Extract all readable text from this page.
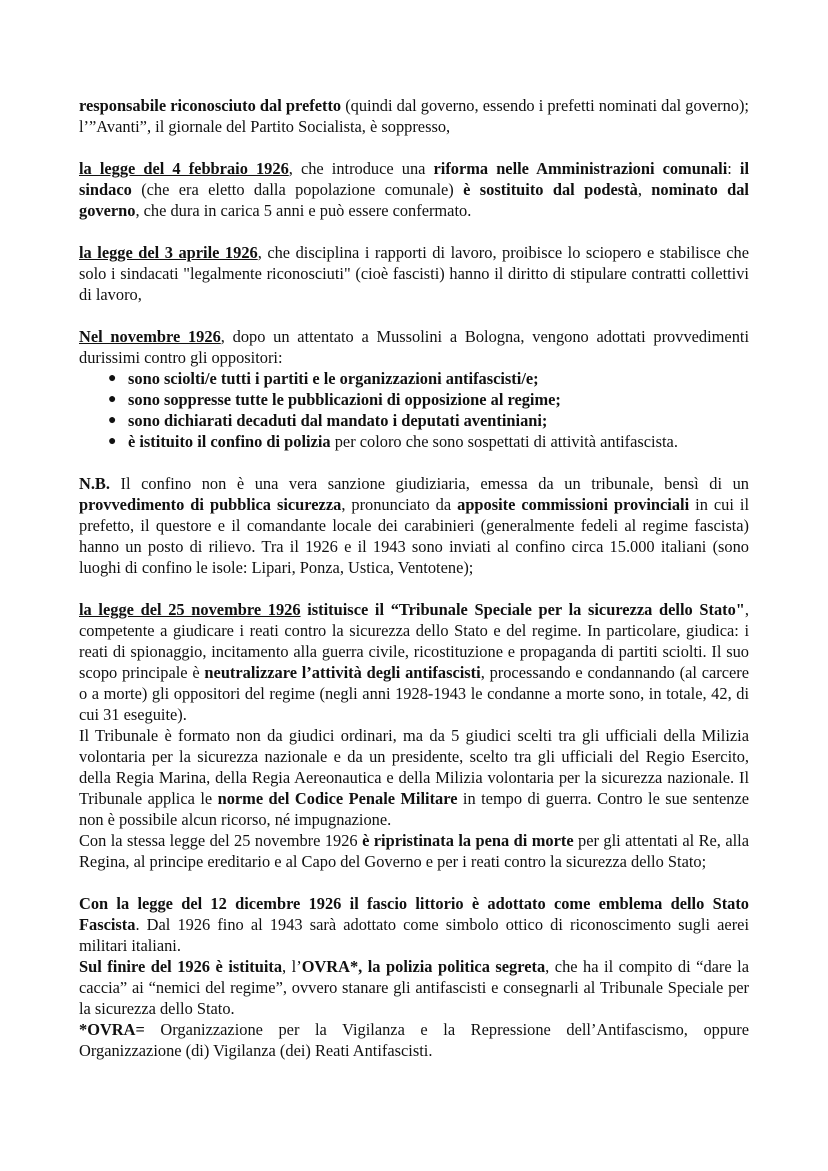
responsabile riconosciuto dal prefetto (quindi dal governo, essendo i prefetti nominati dal governo); l’”Avanti”, il giornale del Partito Socialista, è soppresso,

la legge del 4 febbraio 1926, che introduce una riforma nelle Amministrazioni comunali: il sindaco (che era eletto dalla popolazione comunale) è sostituito dal podestà, nominato dal governo, che dura in carica 5 anni e può essere confermato.

la legge del 3 aprile 1926, che disciplina i rapporti di lavoro, proibisce lo sciopero e stabilisce che solo i sindacati "legalmente riconosciuti" (cioè fascisti) hanno il diritto di stipulare contratti collettivi di lavoro,

Nel novembre 1926, dopo un attentato a Mussolini a Bologna, vengono adottati provvedimenti durissimi contro gli oppositori:

● sono sciolti/e tutti i partiti e le organizzazioni antifascisti/e;
● sono soppresse tutte le pubblicazioni di opposizione al regime;
● sono dichiarati decaduti dal mandato i deputati aventiniani;
● è istituito il confino di polizia per coloro che sono sospettati di attività antifascista.

N.B. Il confino non è una vera sanzione giudiziaria, emessa da un tribunale, bensì di un provvedimento di pubblica sicurezza, pronunciato da apposite commissioni provinciali in cui il prefetto, il questore e il comandante locale dei carabinieri (generalmente fedeli al regime fascista) hanno un posto di rilievo. Tra il 1926 e il 1943 sono inviati al confino circa 15.000 italiani (sono luoghi di confino le isole: Lipari, Ponza, Ustica, Ventotene);

la legge del 25 novembre 1926 istituisce il “Tribunale Speciale per la sicurezza dello Stato", competente a giudicare i reati contro la sicurezza dello Stato e del regime. In particolare, giudica: i reati di spionaggio, incitamento alla guerra civile, ricostituzione e propaganda di partiti sciolti. Il suo scopo principale è neutralizzare l’attività degli antifascisti, processando e condannando (al carcere o a morte) gli oppositori del regime (negli anni 1928-1943 le condanne a morte sono, in totale, 42, di cui 31 eseguite).

Il Tribunale è formato non da giudici ordinari, ma da 5 giudici scelti tra gli ufficiali della Milizia volontaria per la sicurezza nazionale e da un presidente, scelto tra gli ufficiali del Regio Esercito, della Regia Marina, della Regia Aereonautica e della Milizia volontaria per la sicurezza nazionale. Il Tribunale applica le norme del Codice Penale Militare in tempo di guerra. Contro le sue sentenze non è possibile alcun ricorso, né impugnazione.

Con la stessa legge del 25 novembre 1926 è ripristinata la pena di morte per gli attentati al Re, alla Regina, al principe ereditario e al Capo del Governo e per i reati contro la sicurezza dello Stato;

Con la legge del 12 dicembre 1926 il fascio littorio è adottato come emblema dello Stato Fascista. Dal 1926 fino al 1943 sarà adottato come simbolo ottico di riconoscimento sugli aerei militari italiani.

Sul finire del 1926 è istituita, l’OVRA*, la polizia politica segreta, che ha il compito di “dare la caccia” ai “nemici del regime”, ovvero stanare gli antifascisti e consegnarli al Tribunale Speciale per la sicurezza dello Stato.

*OVRA= Organizzazione per la Vigilanza e la Repressione dell’Antifascismo, oppure Organizzazione (di) Vigilanza (dei) Reati Antifascisti.
